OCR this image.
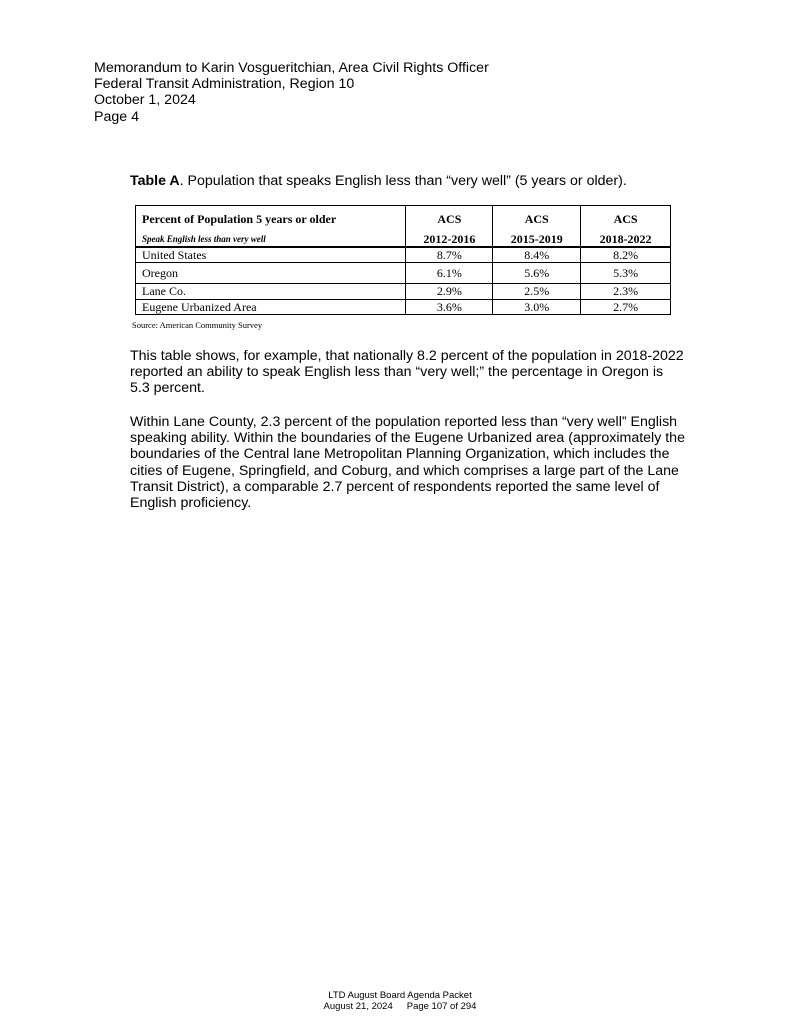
Memorandum to Karin Vosgueritchian, Area Civil Rights Officer
Federal Transit Administration, Region 10
October 1, 2024
Page 4
Table A. Population that speaks English less than “very well” (5 years or older).
Percent of Population 5 years or older	ACS	ACS	ACS
Speak English less than very well	2012-2016	2015-2019	2018-2022
United States	8.7%	8.4%	8.2%
Oregon	6.1%	5.6%	5.3%
Lane Co.	2.9%	2.5%	2.3%
Eugene Urbanized Area	3.6%	3.0%	2.7%
Source: American Community Survey
This table shows, for example, that nationally 8.2 percent of the population in 2018-2022
reported an ability to speak English less than “very well;” the percentage in Oregon is
5.3 percent.
Within Lane County, 2.3 percent of the population reported less than “very well” English
speaking ability. Within the boundaries of the Eugene Urbanized area (approximately the
boundaries of the Central lane Metropolitan Planning Organization, which includes the
cities of Eugene, Springfield, and Coburg, and which comprises a large part of the Lane
Transit District), a comparable 2.7 percent of respondents reported the same level of
English proficiency.
LTD August Board Agenda Packet
August 21, 2024 Page 107 of 294
